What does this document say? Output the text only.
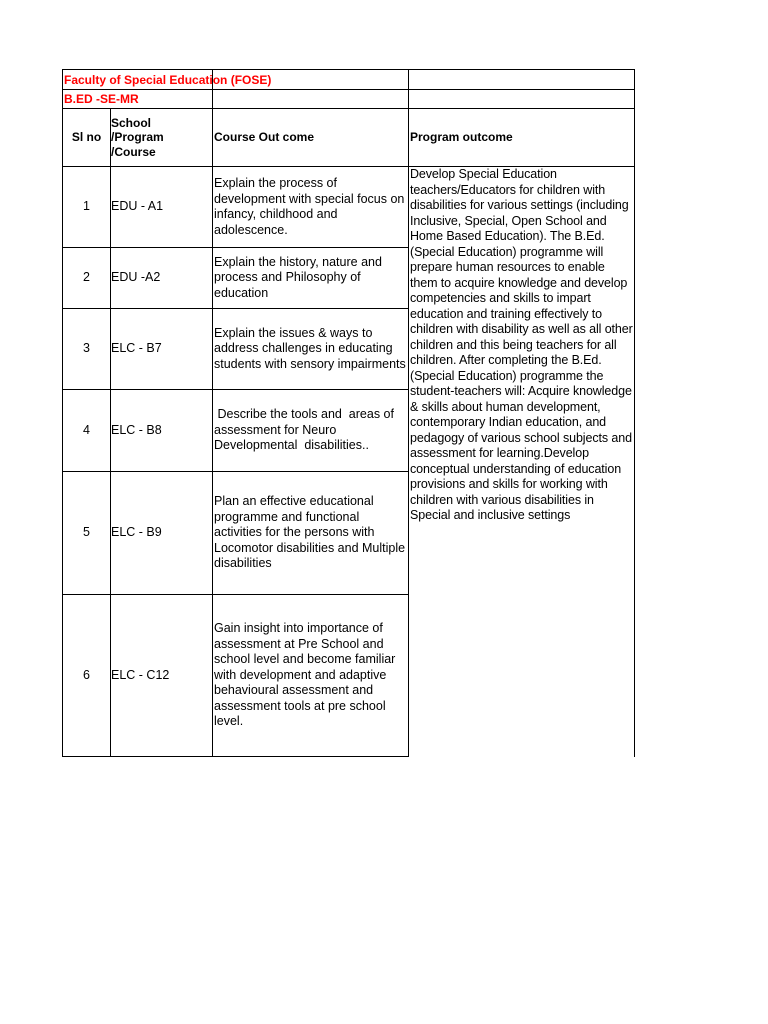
Faculty of Special Education (FOSE)
B.ED -SE-MR
Sl no
School /Program /Course
Course Out come	Program outcome
1 EDU - A1
Explain the process of development with special focus on infancy, childhood and adolescence.
2 EDU -A2
Explain the history, nature and process and Philosophy of education
3 ELC - B7
Explain the issues & ways to address challenges in educating students with sensory impairments
4 ELC - B8
Describe the tools and  areas of assessment for Neuro Developmental  disabilities..
5 ELC - B9
Plan an effective educational programme and functional activities for the persons with Locomotor disabilities and Multiple disabilities
6 ELC - C12
Gain insight into importance of assessment at Pre School and school level and become familiar with development and adaptive behavioural assessment and assessment tools at pre school level.
Develop Special Education teachers/Educators for children with disabilities for various settings (including Inclusive, Special, Open School and Home Based Education). The B.Ed. (Special Education) programme will prepare human resources to enable them to acquire knowledge and develop competencies and skills to impart education and training effectively to children with disability as well as all other children and this being teachers for all children. After completing the B.Ed. (Special Education) programme the student-teachers will: Acquire knowledge & skills about human development, contemporary Indian education, and pedagogy of various school subjects and assessment for learning.Develop conceptual understanding of education provisions and skills for working with children with various disabilities in Special and inclusive settings
